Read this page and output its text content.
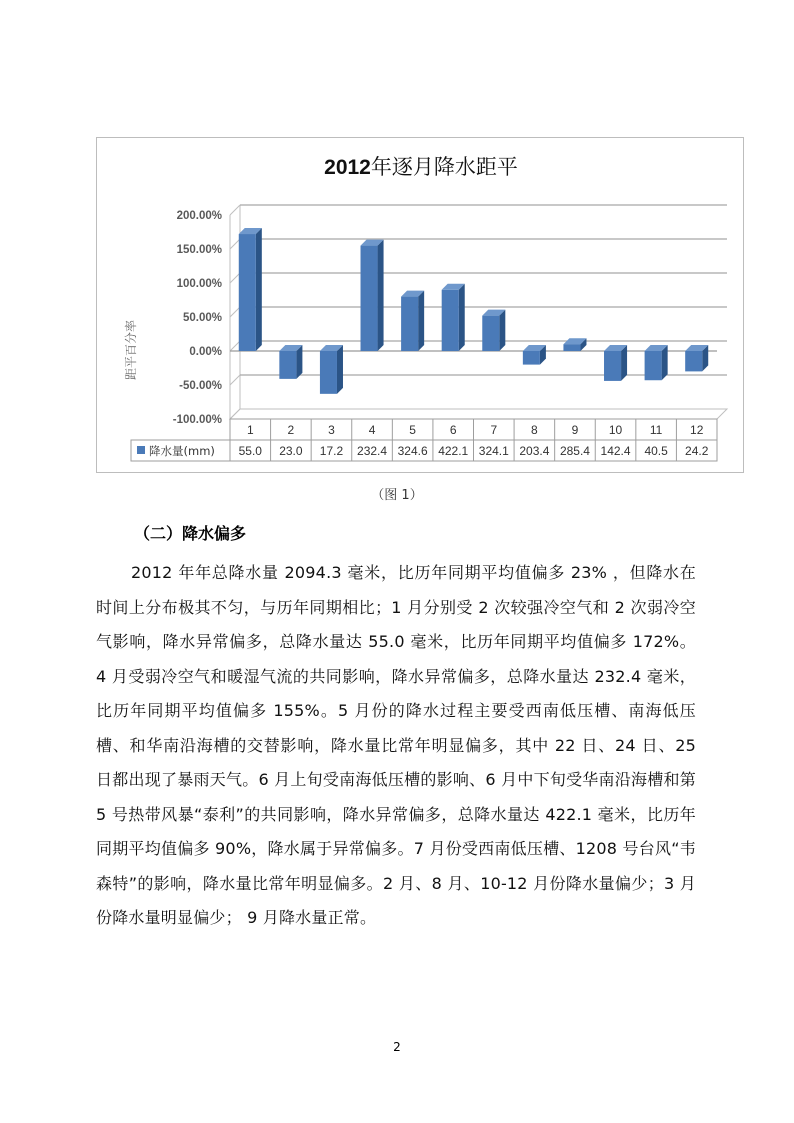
2012年逐月降水距平
距平百分率
200.00%
150.00%
100.00%
50.00%
0.00%
-50.00%
-100.00%
1
55.0
2
23.0
3
17.2
4
232.4
5
324.6
6
422.1
7
324.1
8
203.4
9
285.4
10
142.4
11
40.5
12
24.2
降水量(mm)
（图 1）
（二）降水偏多
2012 年年总降水量 2094.3 毫米，比历年同期平均值偏多 23% ，但降水在时间上分布极其不匀，与历年同期相比；1 月分别受 2 次较强冷空气和 2 次弱冷空气影响，降水异常偏多，总降水量达 55.0 毫米，比历年同期平均值偏多 172%。 4 月受弱冷空气和暖湿气流的共同影响，降水异常偏多，总降水量达 232.4 毫米，比历年同期平均值偏多 155%。5 月份的降水过程主要受西南低压槽、南海低压槽、和华南沿海槽的交替影响，降水量比常年明显偏多，其中 22 日、24 日、25 日都出现了暴雨天气。6 月上旬受南海低压槽的影响、6 月中下旬受华南沿海槽和第 5 号热带风暴“泰利”的共同影响，降水异常偏多，总降水量达 422.1 毫米，比历年同期平均值偏多 90%，降水属于异常偏多。7 月份受西南低压槽、1208 号台风“韦森特”的影响，降水量比常年明显偏多。2 月、8 月、10-12 月份降水量偏少；3 月份降水量明显偏少； 9 月降水量正常。
2
